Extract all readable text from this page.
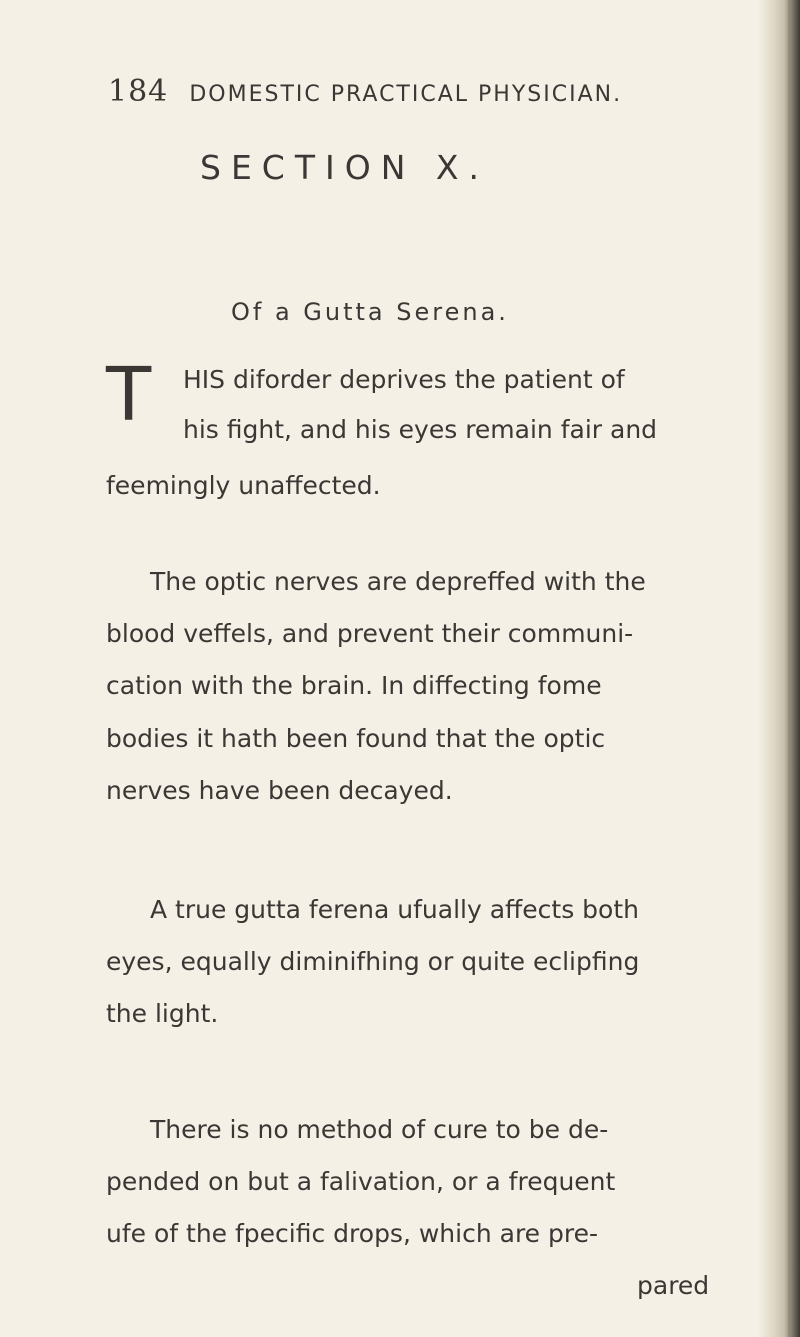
184 DOMESTIC PRACTICAL PHYSICIAN.
SECTION X.
Of a Gutta Serena.
T HIS diforder deprives the patient of
his fight, and his eyes remain fair and
feemingly unaffected.
The optic nerves are depreffed with the
blood veffels, and prevent their communi-
cation with the brain. In diffecting fome
bodies it hath been found that the optic
nerves have been decayed.
A true gutta ferena ufually affects both
eyes, equally diminifhing or quite eclipfing
the light.
There is no method of cure to be de-
pended on but a falivation, or a frequent
ufe of the fpecific drops, which are pre-
pared
